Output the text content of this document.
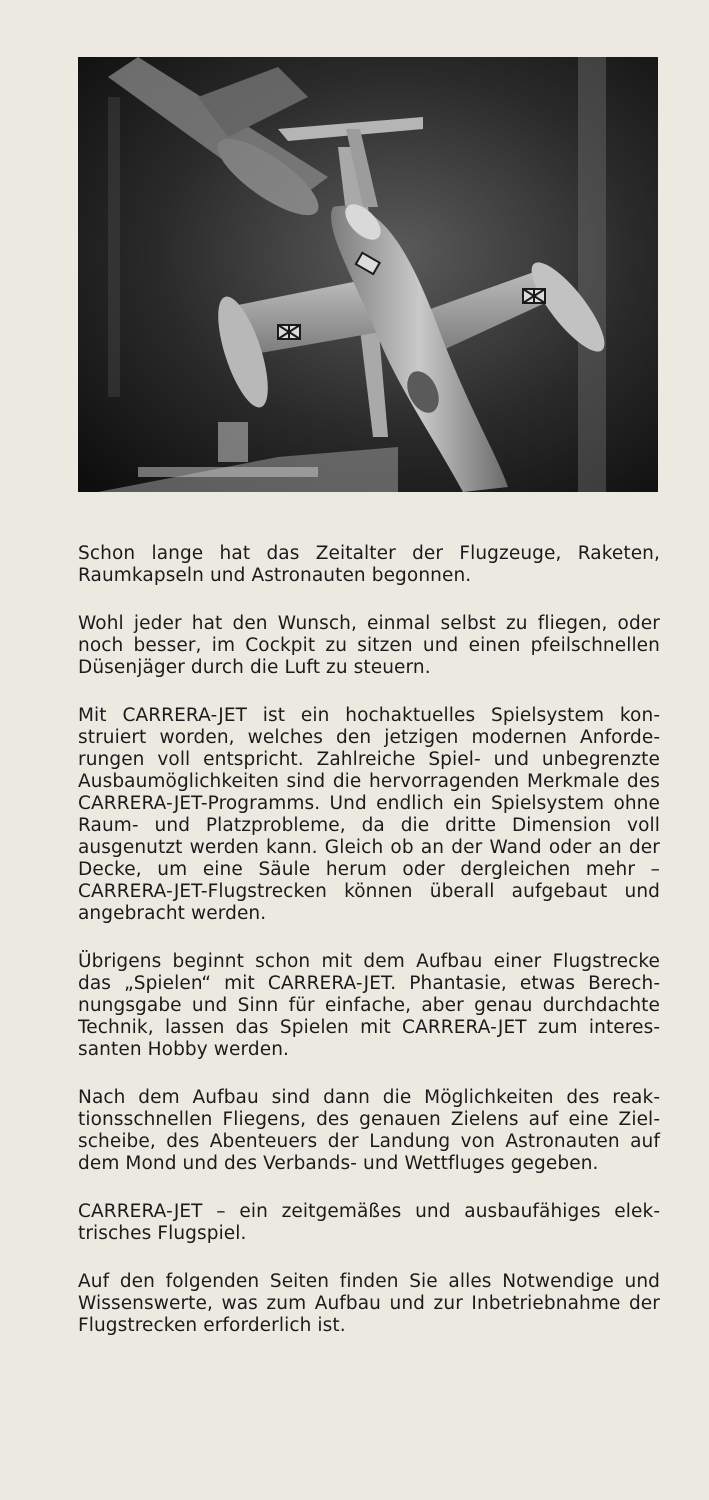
Schon lange hat das Zeitalter der Flugzeuge, Raketen, Raumkapseln und Astronauten begonnen.

Wohl jeder hat den Wunsch, einmal selbst zu fliegen, oder noch besser, im Cockpit zu sitzen und einen pfeilschnellen Düsenjäger durch die Luft zu steuern.

Mit CARRERA-JET ist ein hochaktuelles Spielsystem konstruiert worden, welches den jetzigen modernen Anforderungen voll entspricht. Zahlreiche Spiel- und unbegrenzte Ausbaumöglichkeiten sind die hervorragenden Merkmale des CARRERA-JET-Programms. Und endlich ein Spielsystem ohne Raum- und Platzprobleme, da die dritte Dimension voll ausgenutzt werden kann. Gleich ob an der Wand oder an der Decke, um eine Säule herum oder dergleichen mehr – CARRERA-JET-Flugstrecken können überall aufgebaut und angebracht werden.

Übrigens beginnt schon mit dem Aufbau einer Flugstrecke das „Spielen“ mit CARRERA-JET. Phantasie, etwas Berechnungsgabe und Sinn für einfache, aber genau durchdachte Technik, lassen das Spielen mit CARRERA-JET zum interessanten Hobby werden.

Nach dem Aufbau sind dann die Möglichkeiten des reaktionsschnellen Fliegens, des genauen Zielens auf eine Zielscheibe, des Abenteuers der Landung von Astronauten auf dem Mond und des Verbands- und Wettfluges gegeben.

CARRERA-JET – ein zeitgemäßes und ausbaufähiges elektrisches Flugspiel.

Auf den folgenden Seiten finden Sie alles Notwendige und Wissenswerte, was zum Aufbau und zur Inbetriebnahme der Flugstrecken erforderlich ist.
